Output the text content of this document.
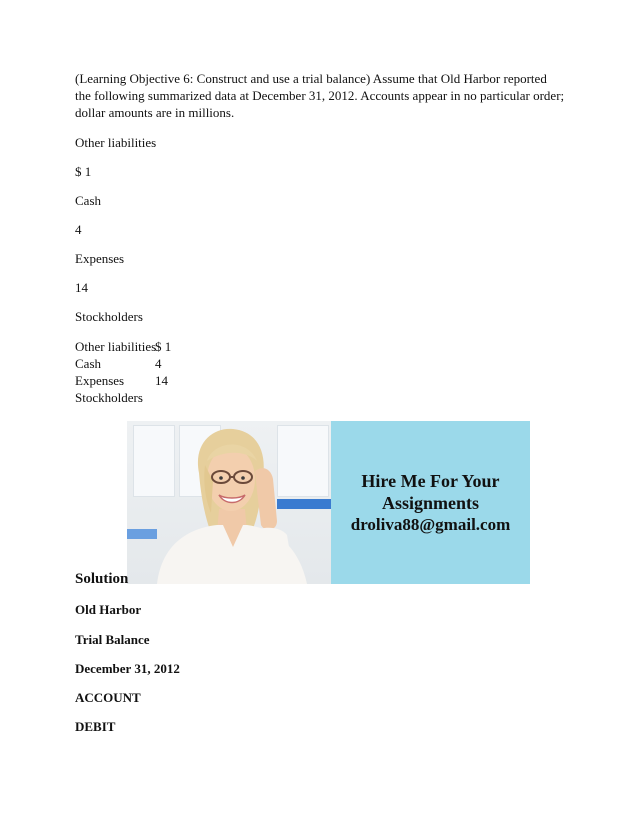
(Learning Objective 6: Construct and use a trial balance) Assume that Old Harbor reported the following summarized data at December 31, 2012. Accounts appear in no particular order; dollar amounts are in millions.

Other liabilities

$ 1

Cash

4

Expenses

14

Stockholders

Other liabilities
$ 1
Cash	4
Expenses	14
Stockholders
Hire Me For Your
Assignments
droliva88@gmail.com

Solution

Old Harbor

Trial Balance

December 31, 2012

ACCOUNT

DEBIT
